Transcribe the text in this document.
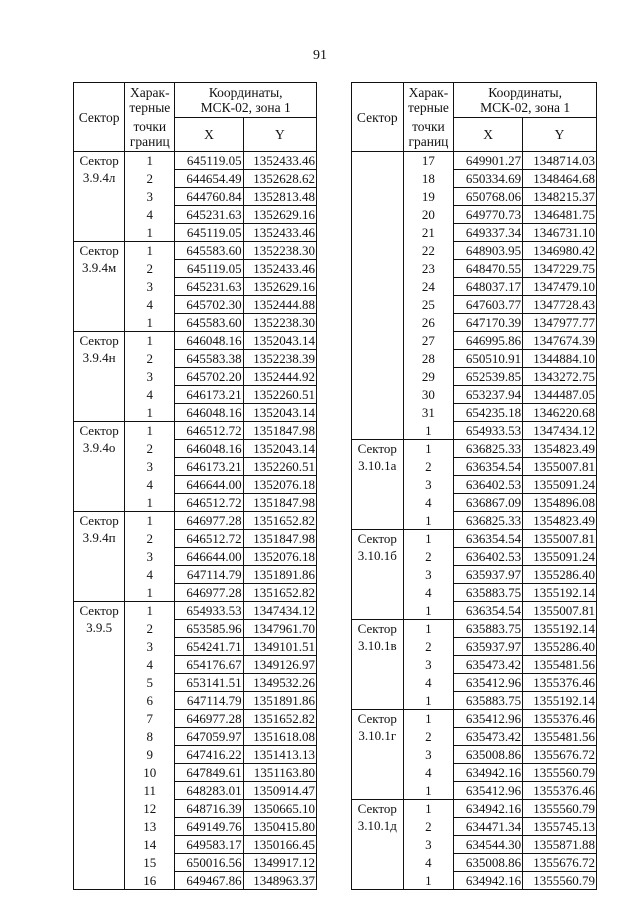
91
Сектор	Харак-
терные	Координаты,
МСК-02, зона 1	
	точки
границ	X	Y

Сектор
3.9.4л	1	645119.05	1352433.46
	2	644654.49	1352628.62
	3	644760.84	1352813.48
	4	645231.63	1352629.16
	1	645119.05	1352433.46

Сектор
3.9.4м	1	645583.60	1352238.30
	2	645119.05	1352433.46
	3	645231.63	1352629.16
	4	645702.30	1352444.88
	1	645583.60	1352238.30

Сектор
3.9.4н	1	646048.16	1352043.14
	2	645583.38	1352238.39
	3	645702.20	1352444.92
	4	646173.21	1352260.51
	1	646048.16	1352043.14

Сектор
3.9.4о	1	646512.72	1351847.98
	2	646048.16	1352043.14
	3	646173.21	1352260.51
	4	646644.00	1352076.18
	1	646512.72	1351847.98

Сектор
3.9.4п	1	646977.28	1351652.82
	2	646512.72	1351847.98
	3	646644.00	1352076.18
	4	647114.79	1351891.86
	1	646977.28	1351652.82

Сектор
3.9.5	1	654933.53	1347434.12
	2	653585.96	1347961.70
	3	654241.71	1349101.51
	4	654176.67	1349126.97
	5	653141.51	1349532.26
	6	647114.79	1351891.86
	7	646977.28	1351652.82
	8	647059.97	1351618.08
	9	647416.22	1351413.13
	10	647849.61	1351163.80
	11	648283.01	1350914.47
	12	648716.39	1350665.10
	13	649149.76	1350415.80
	14	649583.17	1350166.45
	15	650016.56	1349917.12
	16	649467.86	1348963.37
Сектор	Харак-
терные	Координаты,
МСК-02, зона 1	
	точки
границ	X	Y

	17	649901.27	1348714.03
	18	650334.69	1348464.68
	19	650768.06	1348215.37
	20	649770.73	1346481.75
	21	649337.34	1346731.10
	22	648903.95	1346980.42
	23	648470.55	1347229.75
	24	648037.17	1347479.10
	25	647603.77	1347728.43
	26	647170.39	1347977.77
	27	646995.86	1347674.39
	28	650510.91	1344884.10
	29	652539.85	1343272.75
	30	653237.94	1344487.05
	31	654235.18	1346220.68
	1	654933.53	1347434.12

Сектор
3.10.1а	1	636825.33	1354823.49
	2	636354.54	1355007.81
	3	636402.53	1355091.24
	4	636867.09	1354896.08
	1	636825.33	1354823.49

Сектор
3.10.1б	1	636354.54	1355007.81
	2	636402.53	1355091.24
	3	635937.97	1355286.40
	4	635883.75	1355192.14
	1	636354.54	1355007.81

Сектор
3.10.1в	1	635883.75	1355192.14
	2	635937.97	1355286.40
	3	635473.42	1355481.56
	4	635412.96	1355376.46
	1	635883.75	1355192.14

Сектор
3.10.1г	1	635412.96	1355376.46
	2	635473.42	1355481.56
	3	635008.86	1355676.72
	4	634942.16	1355560.79
	1	635412.96	1355376.46

Сектор
3.10.1д	1	634942.16	1355560.79
	2	634471.34	1355745.13
	3	634544.30	1355871.88
	4	635008.86	1355676.72
	1	634942.16	1355560.79
